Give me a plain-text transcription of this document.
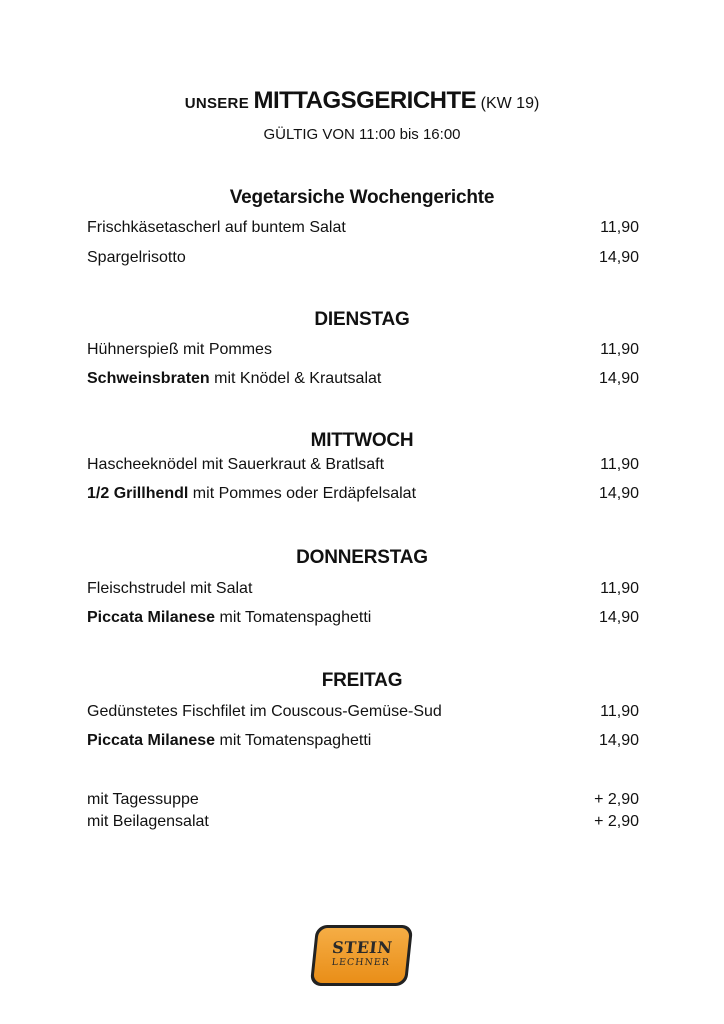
UNSERE MITTAGSGERICHTE (KW 19)
GÜLTIG VON 11:00 bis 16:00
Vegetarsiche Wochengerichte
Frischkäsetascherl auf buntem Salat	11,90
Spargelrisotto	14,90
DIENSTAG
Hühnerspieß mit Pommes	11,90
Schweinsbraten mit Knödel & Krautsalat	14,90
MITTWOCH
Hascheeknödel mit Sauerkraut & Bratlsaft	11,90
1/2 Grillhendl mit Pommes oder Erdäpfelsalat	14,90
DONNERSTAG
Fleischstrudel mit Salat	11,90
Piccata Milanese mit Tomatenspaghetti	14,90
FREITAG
Gedünstetes Fischfilet im Couscous-Gemüse-Sud	11,90
Piccata Milanese mit Tomatenspaghetti	14,90
mit Tagessuppe	+ 2,90
mit Beilagensalat	+ 2,90
STEIN
LECHNER
